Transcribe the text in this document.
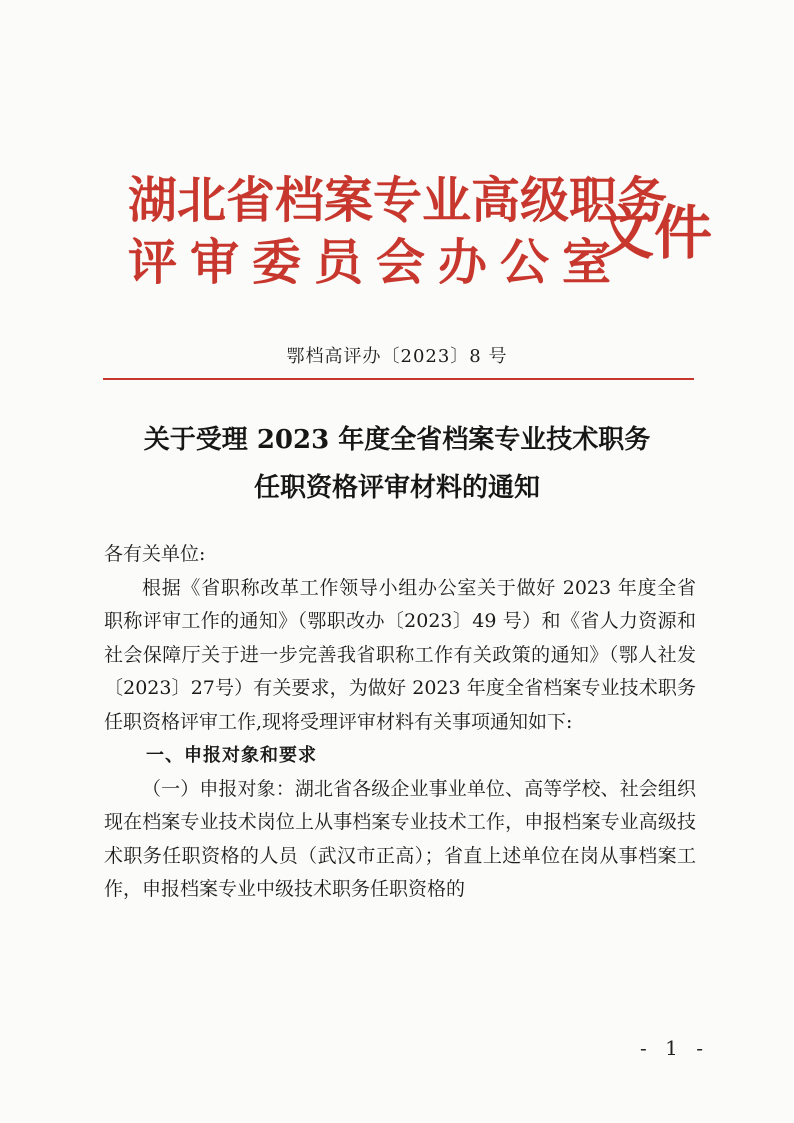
湖北省档案专业高级职务
评审委员会办公室
文件
鄂档高评办〔2023〕8 号
关于受理 2023 年度全省档案专业技术职务
任职资格评审材料的通知

各有关单位:

根据《省职称改革工作领导小组办公室关于做好 2023 年度全省职称评审工作的通知》（鄂职改办〔2023〕49 号）和《省人力资源和社会保障厅关于进一步完善我省职称工作有关政策的通知》（鄂人社发〔2023〕27号）有关要求，为做好 2023 年度全省档案专业技术职务任职资格评审工作,现将受理评审材料有关事项通知如下:

一、申报对象和要求

（一）申报对象：湖北省各级企业事业单位、高等学校、社会组织现在档案专业技术岗位上从事档案专业技术工作，申报档案专业高级技术职务任职资格的人员（武汉市正高）；省直上述单位在岗从事档案工作，申报档案专业中级技术职务任职资格的

- 1 -
